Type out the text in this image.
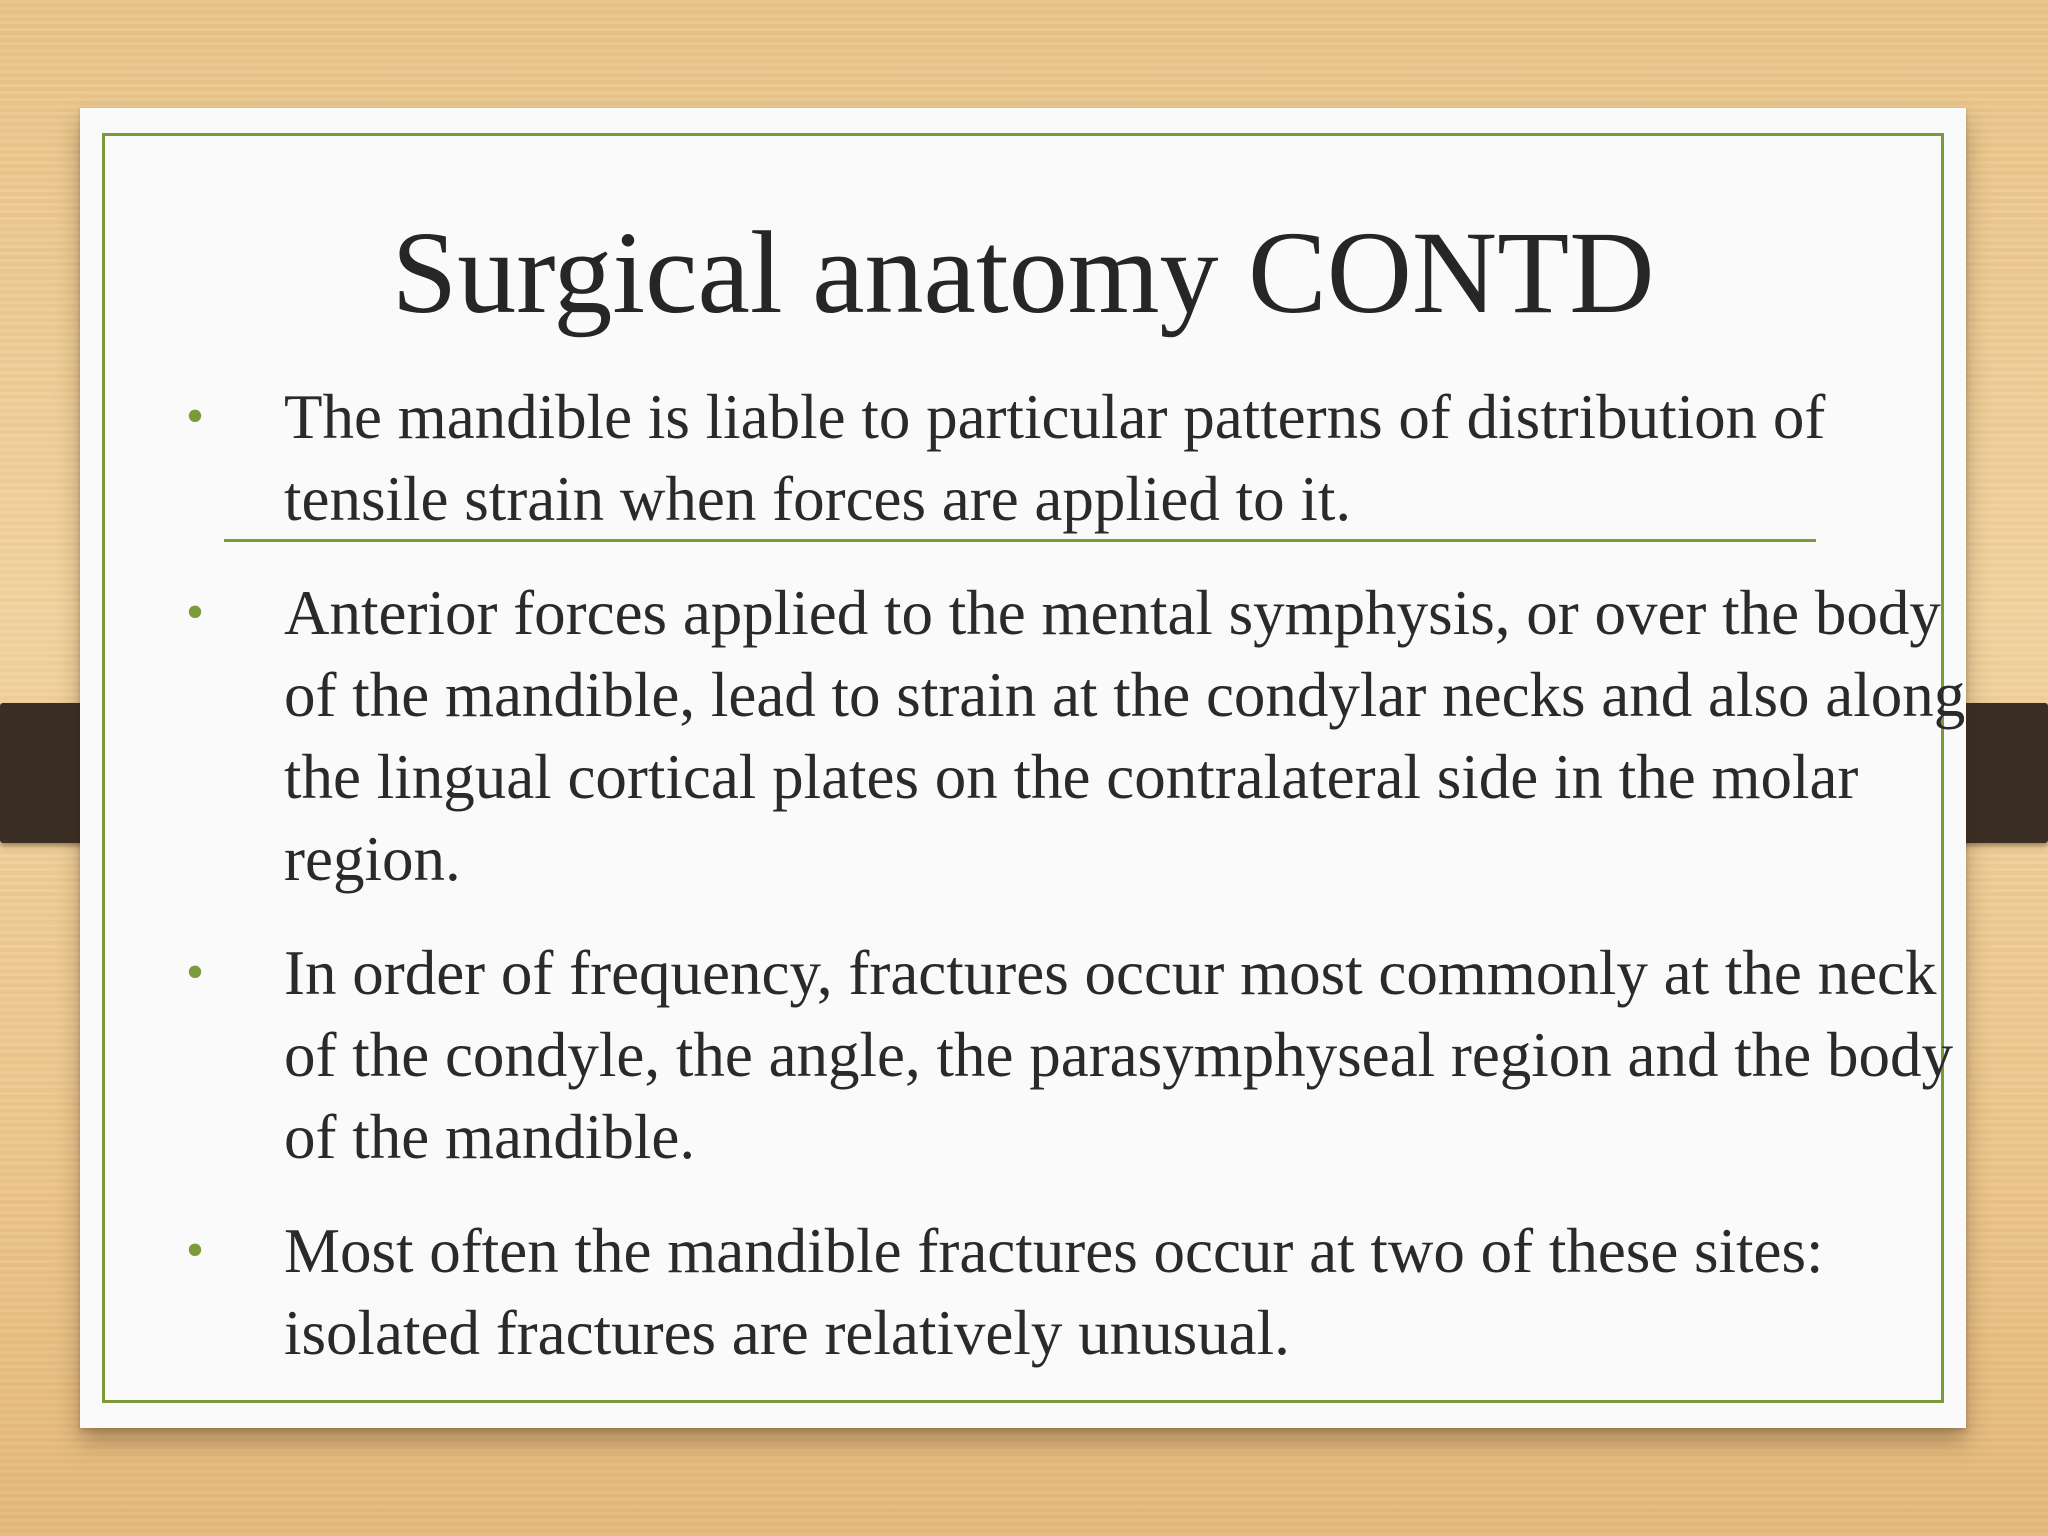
Surgical anatomy CONTD
•	The mandible is liable to particular patterns of distribution of tensile strain when forces are applied to it.
•	Anterior forces applied to the mental symphysis, or over the body of the mandible, lead to strain at the condylar necks and also along the lingual cortical plates on the contralateral side in the molar region.
•	In order of frequency, fractures occur most commonly at the neck of the condyle, the angle, the parasymphyseal region and the body of the mandible.
•	Most often the mandible fractures occur at two of these sites: isolated fractures are relatively unusual.
